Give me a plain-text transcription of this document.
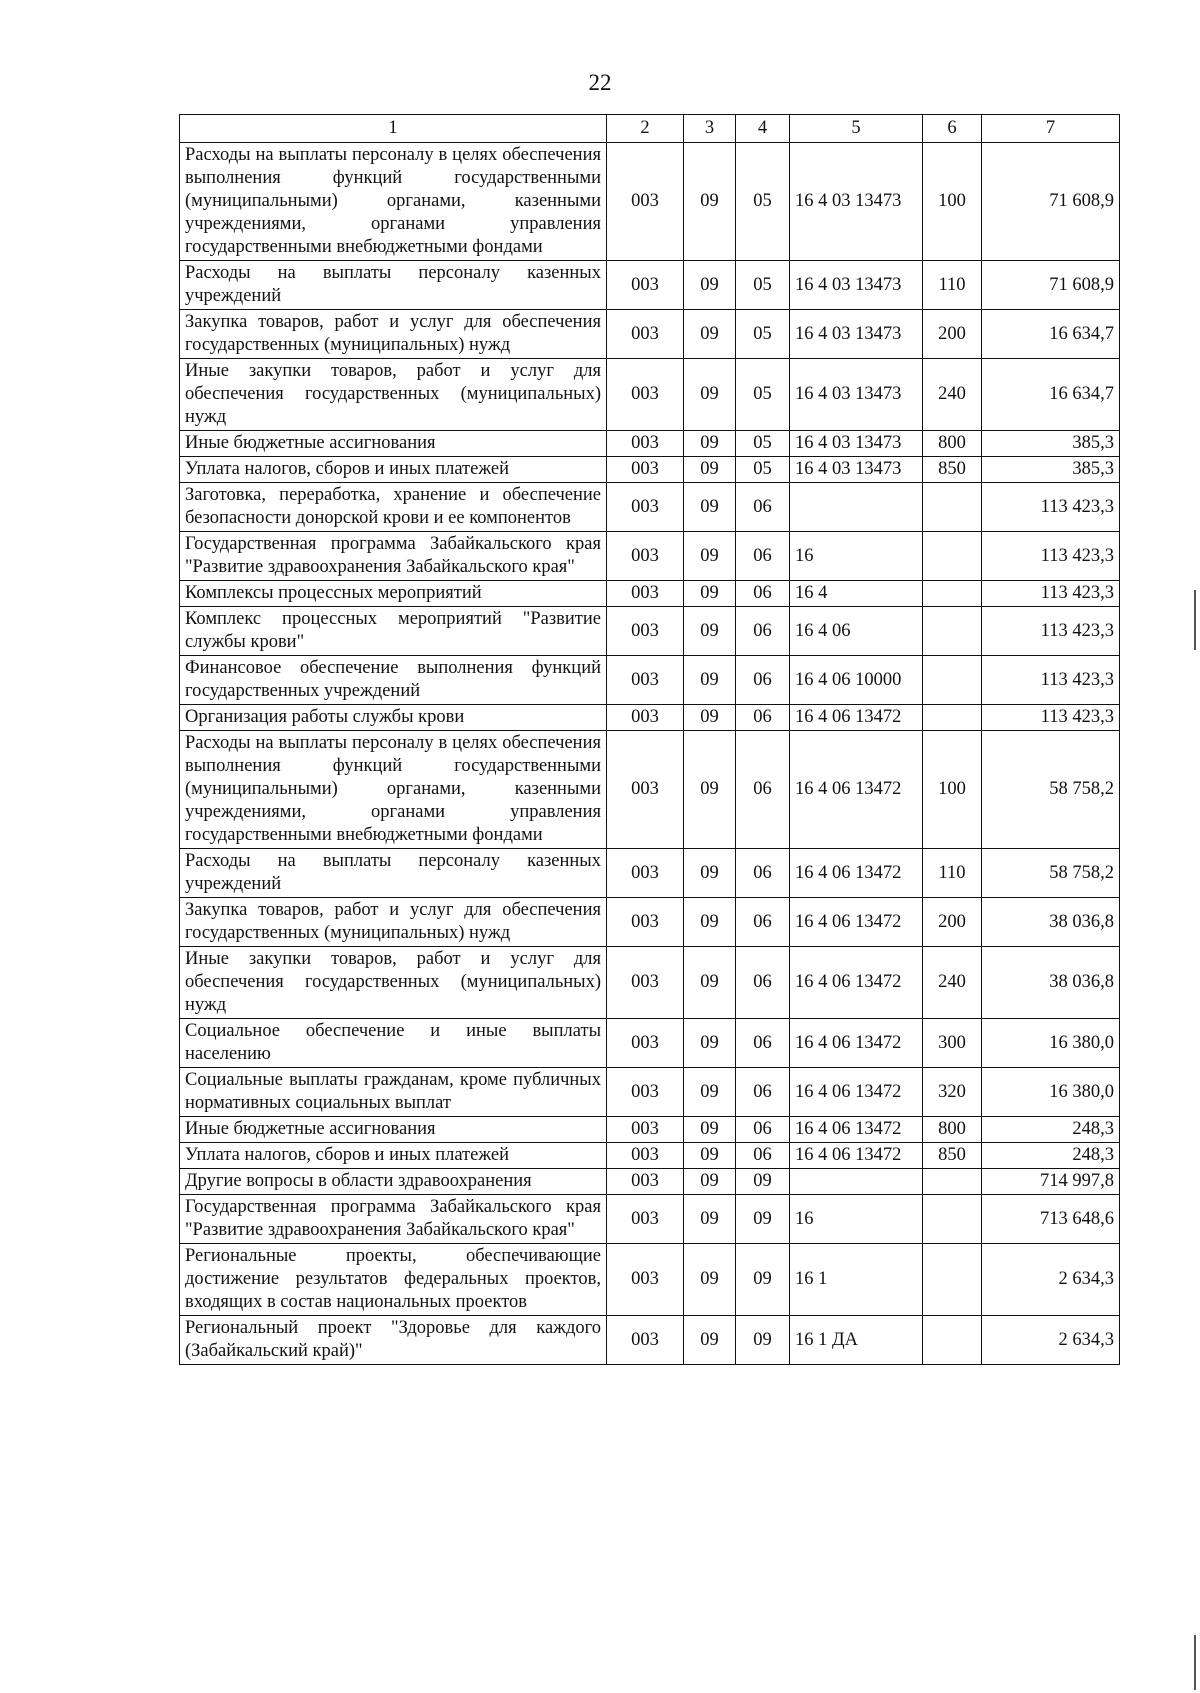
22
1	2	3	4	5	6	7
Расходы на выплаты персоналу в целях обеспечения выполнения функций государственными (муниципальными) органами, казенными учреждениями, органами управления государственными внебюджетными фондами	003	09	05	16 4 03 13473	100	71 608,9
Расходы на выплаты персоналу казенных учреждений	003	09	05	16 4 03 13473	110	71 608,9
Закупка товаров, работ и услуг для обеспечения государственных (муниципальных) нужд	003	09	05	16 4 03 13473	200	16 634,7
Иные закупки товаров, работ и услуг для обеспечения государственных (муниципальных) нужд	003	09	05	16 4 03 13473	240	16 634,7
Иные бюджетные ассигнования	003	09	05	16 4 03 13473	800	385,3
Уплата налогов, сборов и иных платежей	003	09	05	16 4 03 13473	850	385,3
Заготовка, переработка, хранение и обеспечение безопасности донорской крови и ее компонентов	003	09	06			113 423,3
Государственная программа Забайкальского края "Развитие здравоохранения Забайкальского края"	003	09	06	16		113 423,3
Комплексы процессных мероприятий	003	09	06	16 4		113 423,3
Комплекс процессных мероприятий "Развитие службы крови"	003	09	06	16 4 06		113 423,3
Финансовое обеспечение выполнения функций государственных учреждений	003	09	06	16 4 06 10000		113 423,3
Организация работы службы крови	003	09	06	16 4 06 13472		113 423,3
Расходы на выплаты персоналу в целях обеспечения выполнения функций государственными (муниципальными) органами, казенными учреждениями, органами управления государственными внебюджетными фондами	003	09	06	16 4 06 13472	100	58 758,2
Расходы на выплаты персоналу казенных учреждений	003	09	06	16 4 06 13472	110	58 758,2
Закупка товаров, работ и услуг для обеспечения государственных (муниципальных) нужд	003	09	06	16 4 06 13472	200	38 036,8
Иные закупки товаров, работ и услуг для обеспечения государственных (муниципальных) нужд	003	09	06	16 4 06 13472	240	38 036,8
Социальное обеспечение и иные выплаты населению	003	09	06	16 4 06 13472	300	16 380,0
Социальные выплаты гражданам, кроме публичных нормативных социальных выплат	003	09	06	16 4 06 13472	320	16 380,0
Иные бюджетные ассигнования	003	09	06	16 4 06 13472	800	248,3
Уплата налогов, сборов и иных платежей	003	09	06	16 4 06 13472	850	248,3
Другие вопросы в области здравоохранения	003	09	09			714 997,8
Государственная программа Забайкальского края "Развитие здравоохранения Забайкальского края"	003	09	09	16		713 648,6
Региональные проекты, обеспечивающие достижение результатов федеральных проектов, входящих в состав национальных проектов	003	09	09	16 1		2 634,3
Региональный проект "Здоровье для каждого (Забайкальский край)"	003	09	09	16 1 ДА		2 634,3
